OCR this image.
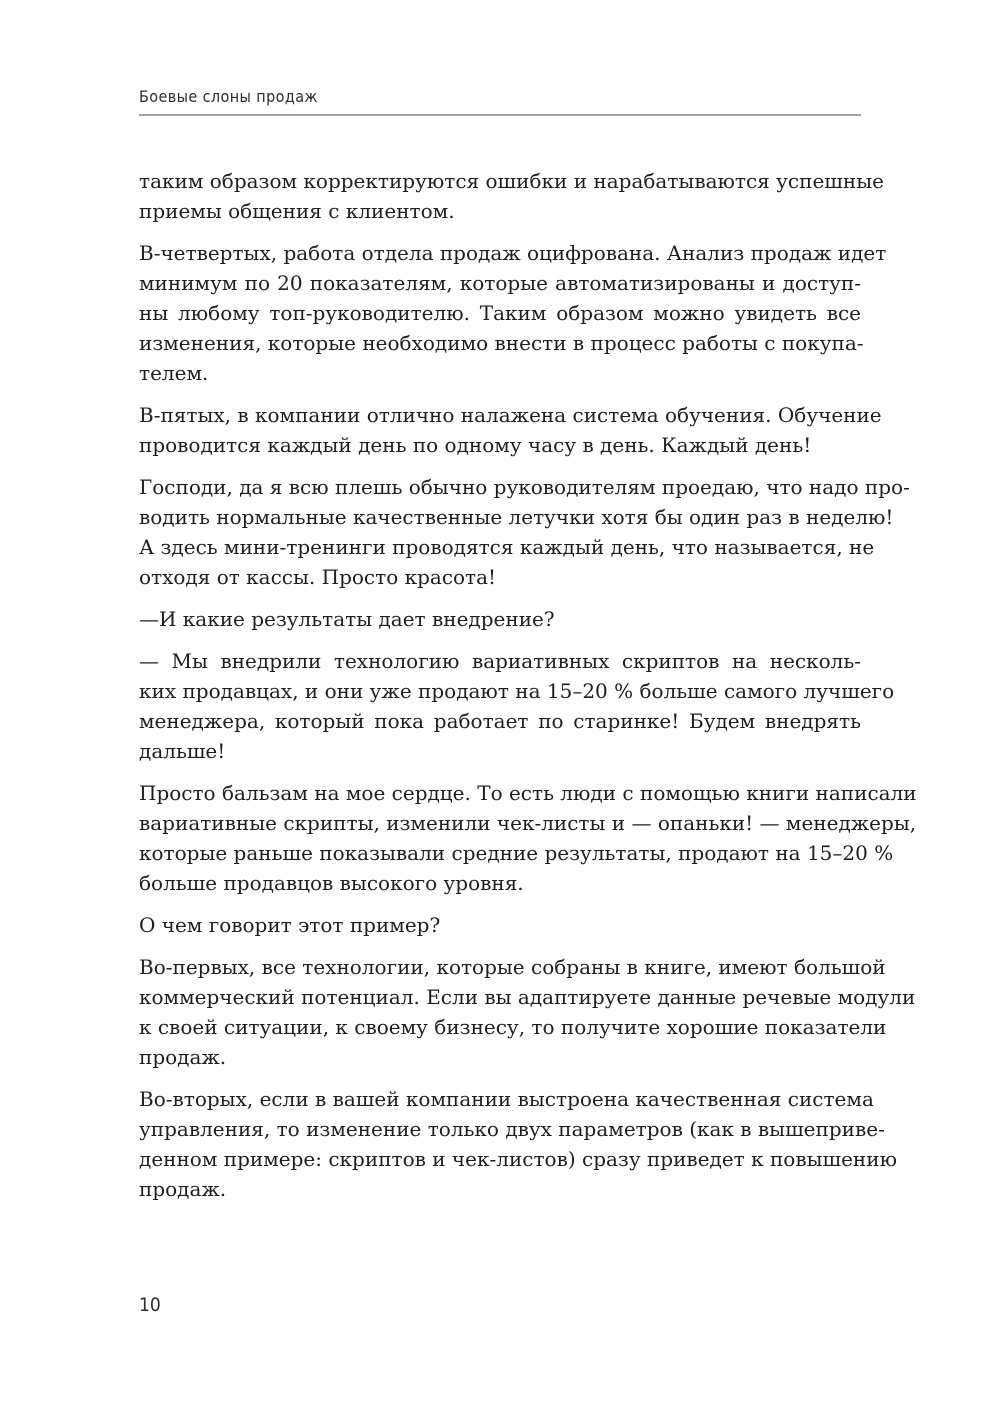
Боевые слоны продаж

таким образом корректируются ошибки и нарабатываются успешные
приемы общения с клиентом.

В-четвертых, работа отдела продаж оцифрована. Анализ продаж идет
минимум по 20 показателям, которые автоматизированы и доступ-
ны любому топ-руководителю. Таким образом можно увидеть все
изменения, которые необходимо внести в процесс работы с покупа-
телем.

В-пятых, в компании отлично налажена система обучения. Обучение
проводится каждый день по одному часу в день. Каждый день!

Господи, да я всю плешь обычно руководителям проедаю, что надо про-
водить нормальные качественные летучки хотя бы один раз в неделю!
А здесь мини-тренинги проводятся каждый день, что называется, не
отходя от кассы. Просто красота!

—И какие результаты дает внедрение?

— Мы внедрили технологию вариативных скриптов на несколь-
ких продавцах, и они уже продают на 15–20 % больше самого лучшего
менеджера, который пока работает по старинке! Будем внедрять
дальше!

Просто бальзам на мое сердце. То есть люди с помощью книги написали
вариативные скрипты, изменили чек-листы и — опаньки! — менеджеры,
которые раньше показывали средние результаты, продают на 15–20 %
больше продавцов высокого уровня.

О чем говорит этот пример?

Во-первых, все технологии, которые собраны в книге, имеют большой
коммерческий потенциал. Если вы адаптируете данные речевые модули
к своей ситуации, к своему бизнесу, то получите хорошие показатели
продаж.

Во-вторых, если в вашей компании выстроена качественная система
управления, то изменение только двух параметров (как в вышеприве-
денном примере: скриптов и чек-листов) сразу приведет к повышению
продаж.

10
